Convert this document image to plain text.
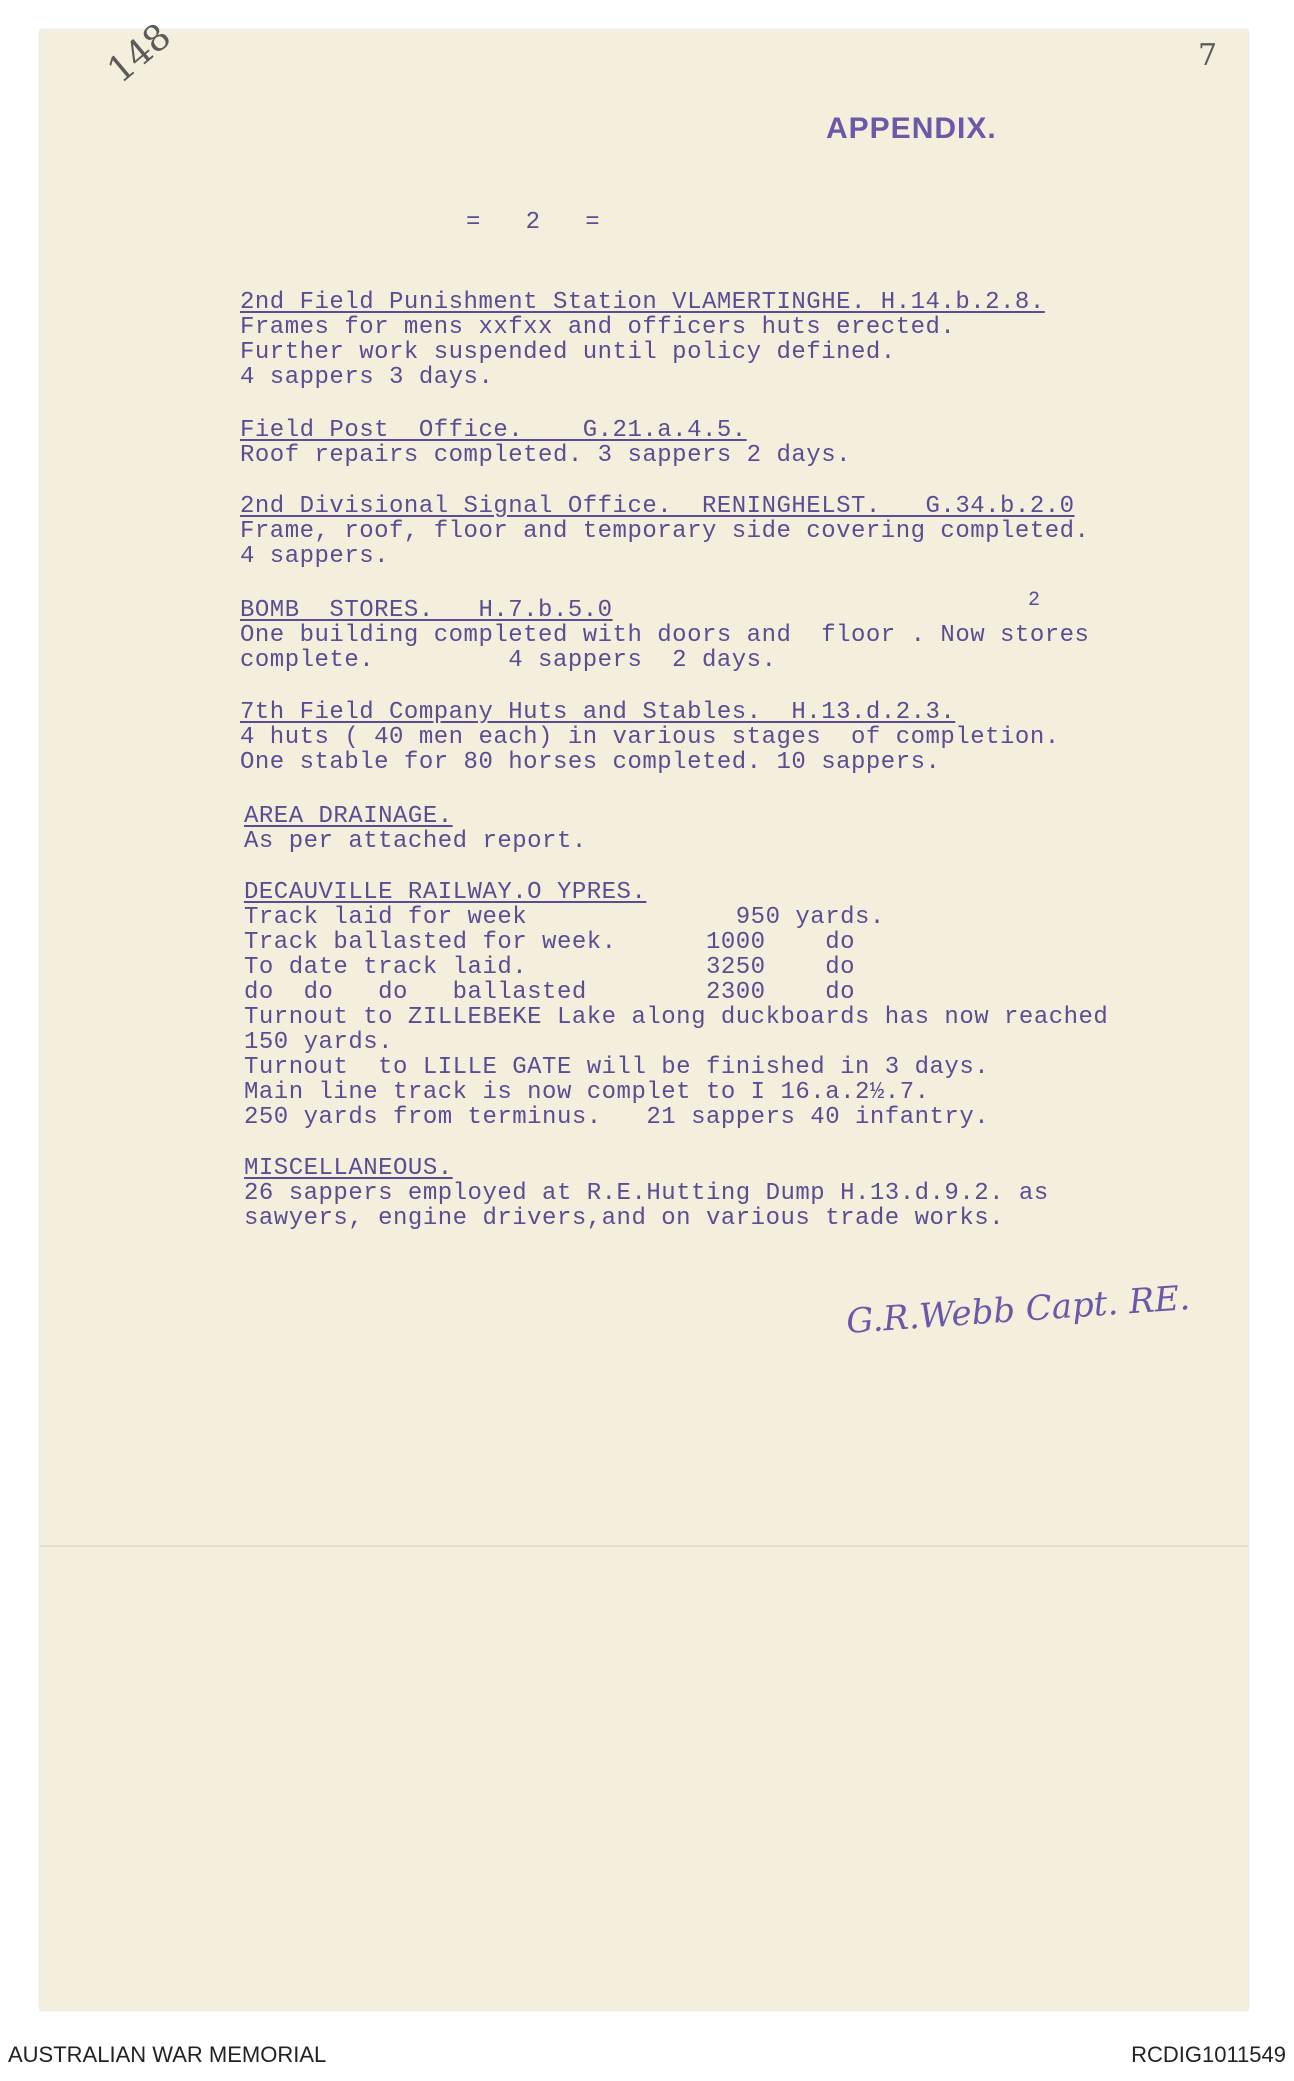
148	7
APPENDIX.
=   2   =
2nd Field Punishment Station VLAMERTINGHE. H.14.b.2.8.
Frames for mens xxfxx and officers huts erected.
Further work suspended until policy defined.
4 sappers 3 days.
Field Post  Office.    G.21.a.4.5.
Roof repairs completed. 3 sappers 2 days.
2nd Divisional Signal Office.  RENINGHELST.   G.34.b.2.0
Frame, roof, floor and temporary side covering completed.
4 sappers.
2
BOMB  STORES.   H.7.b.5.0
One building completed with doors and  floor . Now stores
complete.         4 sappers  2 days.
7th Field Company Huts and Stables.  H.13.d.2.3.
4 huts ( 40 men each) in various stages  of completion.
One stable for 80 horses completed. 10 sappers.
AREA DRAINAGE.
As per attached report.
DECAUVILLE RAILWAY.O YPRES.
Track laid for week              950 yards.
Track ballasted for week.      1000    do
To date track laid.            3250    do
do  do   do   ballasted        2300    do
Turnout to ZILLEBEKE Lake along duckboards has now reached
150 yards.
Turnout  to LILLE GATE will be finished in 3 days.
Main line track is now complet to I 16.a.2½.7.
250 yards from terminus.   21 sappers 40 infantry.
MISCELLANEOUS.
26 sappers employed at R.E.Hutting Dump H.13.d.9.2. as
sawyers, engine drivers,and on various trade works.
G.R.Webb Capt. RE.
AUSTRALIAN WAR MEMORIAL	RCDIG1011549
